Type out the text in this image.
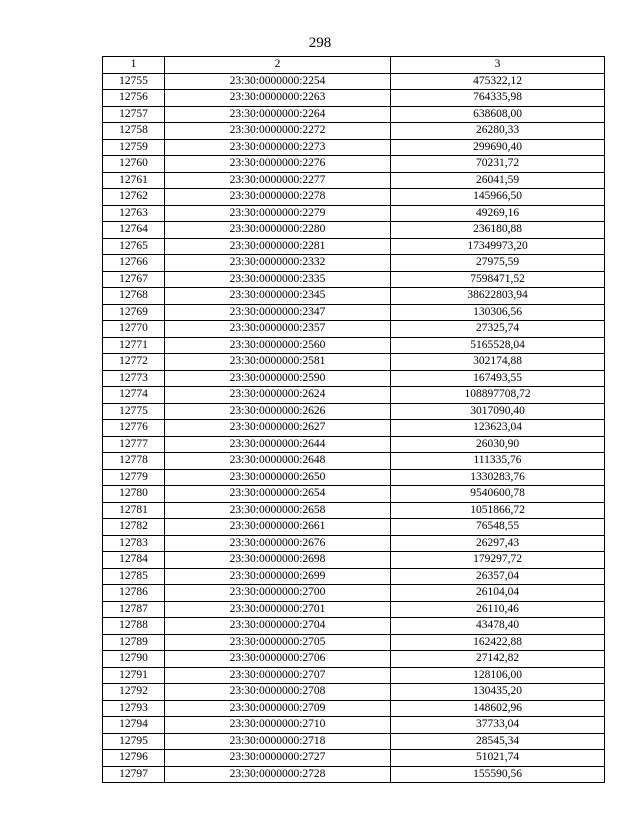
298
1	2	3
12755	23:30:0000000:2254	475322,12
12756	23:30:0000000:2263	764335,98
12757	23:30:0000000:2264	638608,00
12758	23:30:0000000:2272	26280,33
12759	23:30:0000000:2273	299690,40
12760	23:30:0000000:2276	70231,72
12761	23:30:0000000:2277	26041,59
12762	23:30:0000000:2278	145966,50
12763	23:30:0000000:2279	49269,16
12764	23:30:0000000:2280	236180,88
12765	23:30:0000000:2281	17349973,20
12766	23:30:0000000:2332	27975,59
12767	23:30:0000000:2335	7598471,52
12768	23:30:0000000:2345	38622803,94
12769	23:30:0000000:2347	130306,56
12770	23:30:0000000:2357	27325,74
12771	23:30:0000000:2560	5165528,04
12772	23:30:0000000:2581	302174,88
12773	23:30:0000000:2590	167493,55
12774	23:30:0000000:2624	108897708,72
12775	23:30:0000000:2626	3017090,40
12776	23:30:0000000:2627	123623,04
12777	23:30:0000000:2644	26030,90
12778	23:30:0000000:2648	111335,76
12779	23:30:0000000:2650	1330283,76
12780	23:30:0000000:2654	9540600,78
12781	23:30:0000000:2658	1051866,72
12782	23:30:0000000:2661	76548,55
12783	23:30:0000000:2676	26297,43
12784	23:30:0000000:2698	179297,72
12785	23:30:0000000:2699	26357,04
12786	23:30:0000000:2700	26104,04
12787	23:30:0000000:2701	26110,46
12788	23:30:0000000:2704	43478,40
12789	23:30:0000000:2705	162422,88
12790	23:30:0000000:2706	27142,82
12791	23:30:0000000:2707	128106,00
12792	23:30:0000000:2708	130435,20
12793	23:30:0000000:2709	148602,96
12794	23:30:0000000:2710	37733,04
12795	23:30:0000000:2718	28545,34
12796	23:30:0000000:2727	51021,74
12797	23:30:0000000:2728	155590,56
